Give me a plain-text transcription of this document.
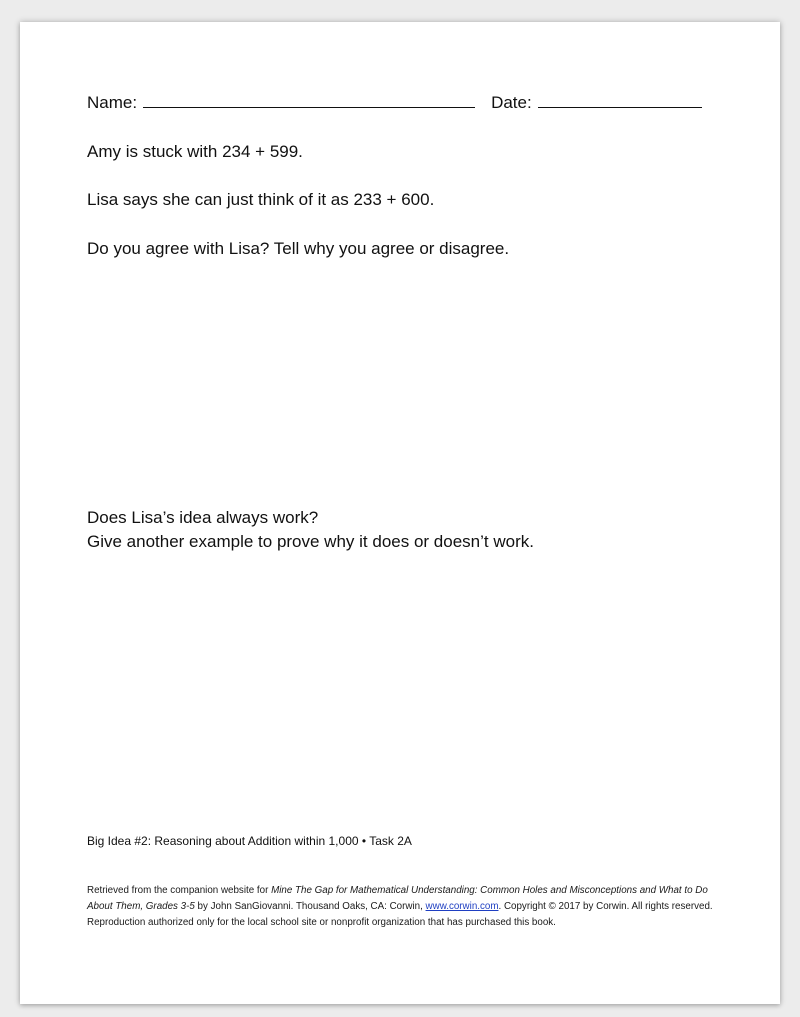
Name:	Date:

Amy is stuck with 234 + 599.

Lisa says she can just think of it as 233 + 600.

Do you agree with Lisa? Tell why you agree or disagree.

Does Lisa’s idea always work?
Give another example to prove why it does or doesn’t work.
Big Idea #2: Reasoning about Addition within 1,000 • Task 2A
Retrieved from the companion website for Mine The Gap for Mathematical Understanding: Common Holes and Misconceptions and What to Do About Them, Grades 3-5 by John SanGiovanni. Thousand Oaks, CA: Corwin, www.corwin.com. Copyright © 2017 by Corwin. All rights reserved. Reproduction authorized only for the local school site or nonprofit organization that has purchased this book.
